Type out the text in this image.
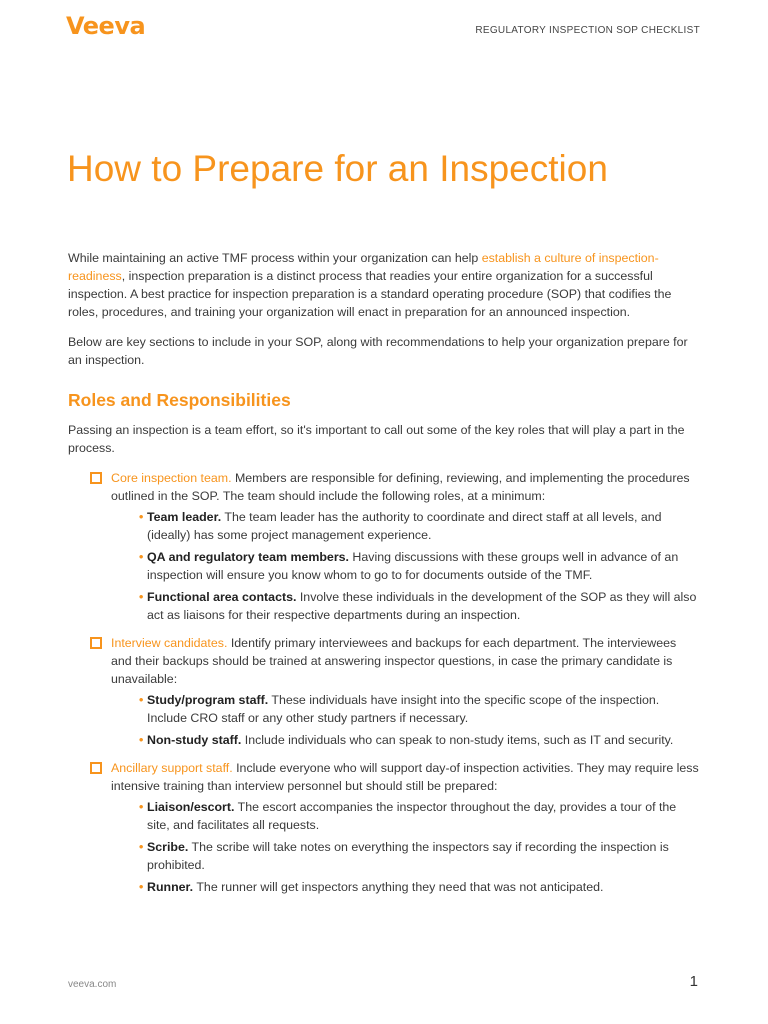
Veeva	REGULATORY INSPECTION SOP CHECKLIST
How to Prepare for an Inspection

While maintaining an active TMF process within your organization can help establish a culture of inspection-readiness, inspection preparation is a distinct process that readies your entire organization for a successful inspection. A best practice for inspection preparation is a standard operating procedure (SOP) that codifies the roles, procedures, and training your organization will enact in preparation for an announced inspection.

Below are key sections to include in your SOP, along with recommendations to help your organization prepare for an inspection.

Roles and Responsibilities

Passing an inspection is a team effort, so it's important to call out some of the key roles that will play a part in the process.

Core inspection team. Members are responsible for defining, reviewing, and implementing the procedures outlined in the SOP. The team should include the following roles, at a minimum:
• Team leader. The team leader has the authority to coordinate and direct staff at all levels, and (ideally) has some project management experience.
• QA and regulatory team members. Having discussions with these groups well in advance of an inspection will ensure you know whom to go to for documents outside of the TMF.
• Functional area contacts. Involve these individuals in the development of the SOP as they will also act as liaisons for their respective departments during an inspection.
Interview candidates. Identify primary interviewees and backups for each department. The interviewees and their backups should be trained at answering inspector questions, in case the primary candidate is unavailable:
• Study/program staff. These individuals have insight into the specific scope of the inspection. Include CRO staff or any other study partners if necessary.
• Non-study staff. Include individuals who can speak to non-study items, such as IT and security.
Ancillary support staff. Include everyone who will support day-of inspection activities. They may require less intensive training than interview personnel but should still be prepared:
• Liaison/escort. The escort accompanies the inspector throughout the day, provides a tour of the site, and facilitates all requests.
• Scribe. The scribe will take notes on everything the inspectors say if recording the inspection is prohibited.
• Runner. The runner will get inspectors anything they need that was not anticipated.
veeva.com	1
